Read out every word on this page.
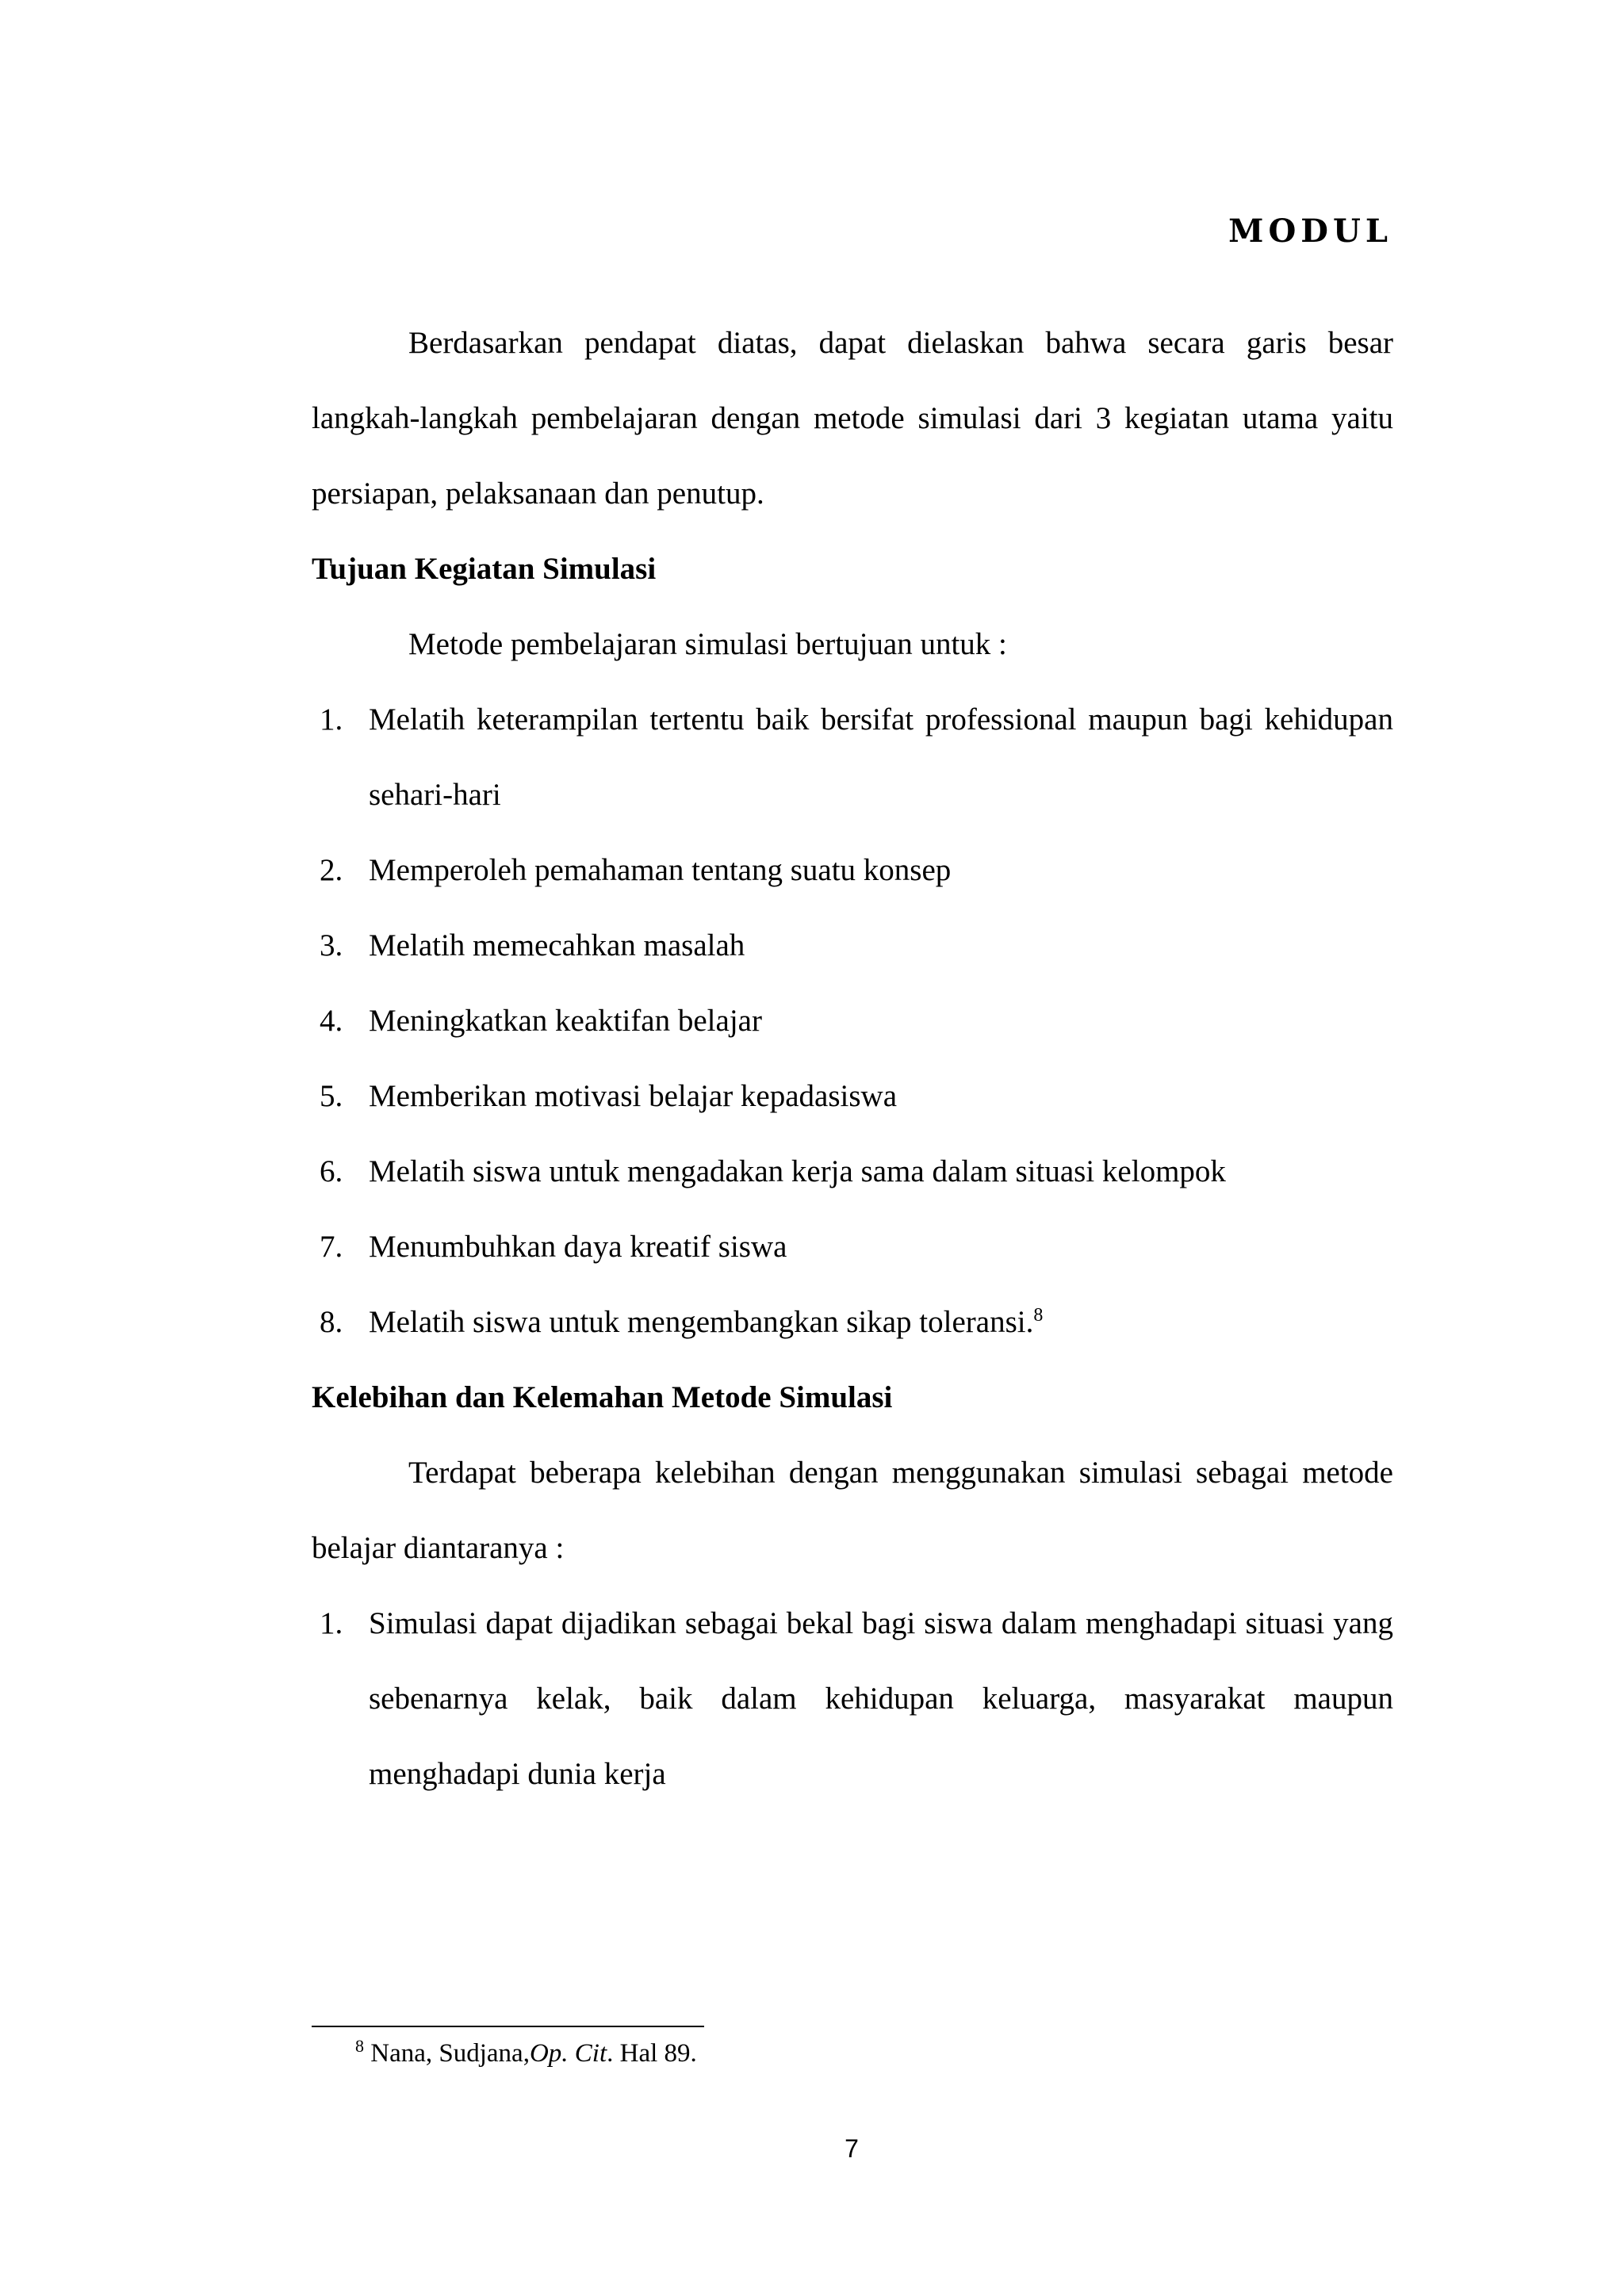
MODUL

Berdasarkan pendapat diatas, dapat dielaskan bahwa secara garis besar langkah-langkah pembelajaran dengan metode simulasi dari 3 kegiatan utama yaitu persiapan, pelaksanaan dan penutup.

Tujuan Kegiatan Simulasi

Metode pembelajaran simulasi bertujuan untuk :

1. Melatih keterampilan tertentu baik bersifat professional maupun bagi kehidupan sehari-hari
2. Memperoleh pemahaman tentang suatu konsep
3. Melatih memecahkan masalah
4. Meningkatkan keaktifan belajar
5. Memberikan motivasi belajar kepadasiswa
6. Melatih siswa untuk mengadakan kerja sama dalam situasi kelompok
7. Menumbuhkan daya kreatif siswa
8. Melatih siswa untuk mengembangkan sikap toleransi.$^8$

Kelebihan dan Kelemahan Metode Simulasi

Terdapat beberapa kelebihan dengan menggunakan simulasi sebagai metode belajar diantaranya :

1. Simulasi dapat dijadikan sebagai bekal bagi siswa dalam menghadapi situasi yang sebenarnya kelak, baik dalam kehidupan keluarga, masyarakat maupun menghadapi dunia kerja
$^8$ Nana, Sudjana,Op. Cit. Hal 89.
7
